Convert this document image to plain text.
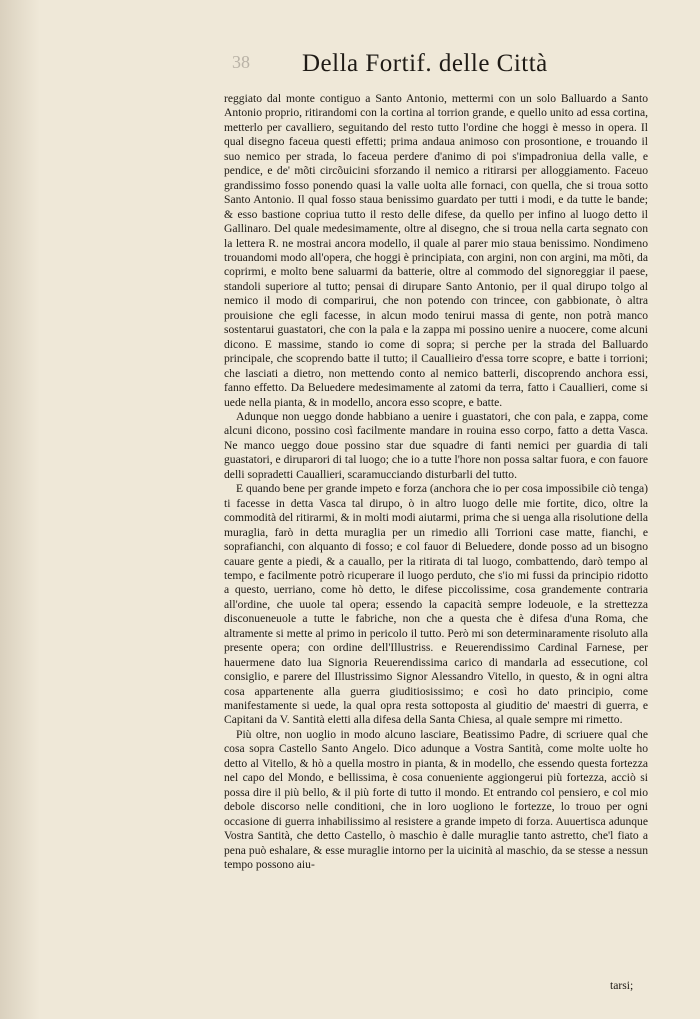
38 Della Fortif. delle Città

reggiato dal monte contiguo a Santo Antonio, mettermi con un solo Balluardo a Santo Antonio proprio, ritirandomi con la cortina al torrion grande, e quello unito ad essa cortina, metterlo per cavalliero, seguitando del resto tutto l'ordine che hoggi è messo in opera. Il qual disegno faceua questi effetti; prima andaua animoso con prosontione, e trouando il suo nemico per strada, lo faceua perdere d'animo di poi s'impadroniua della valle, e pendice, e de' mõti circõuicini sforzando il nemico a ritirarsi per alloggiamento. Faceuo grandissimo fosso ponendo quasi la valle uolta alle fornaci, con quella, che si troua sotto Santo Antonio. Il qual fosso staua benissimo guardato per tutti i modi, e da tutte le bande; & esso bastione copriua tutto il resto delle difese, da quello per infino al luogo detto il Gallinaro. Del quale medesimamente, oltre al disegno, che si troua nella carta segnato con la lettera R. ne mostrai ancora modello, il quale al parer mio staua benissimo. Nondimeno trouandomi modo all'opera, che hoggi è principiata, con argini, non con argini, ma mõti, da coprirmi, e molto bene saluarmi da batterie, oltre al commodo del signoreggiar il paese, standoli superiore al tutto; pensai di dirupare Santo Antonio, per il qual dirupo tolgo al nemico il modo di comparirui, che non potendo con trincee, con gabbionate, ò altra prouisione che egli facesse, in alcun modo tenirui massa di gente, non potrà manco sostentarui guastatori, che con la pala e la zappa mi possino uenire a nuocere, come alcuni dicono. E massime, stando io come di sopra; si perche per la strada del Balluardo principale, che scoprendo batte il tutto; il Cauallieiro d'essa torre scopre, e batte i torrioni; che lasciati a dietro, non mettendo conto al nemico batterli, discoprendo anchora essi, fanno effetto. Da Beluedere medesimamente al zatomi da terra, fatto i Cauallieri, come si uede nella pianta, & in modello, ancora esso scopre, e batte.

Adunque non ueggo donde habbiano a uenire i guastatori, che con pala, e zappa, come alcuni dicono, possino così facilmente mandare in rouina esso corpo, fatto a detta Vasca. Ne manco ueggo doue possino star due squadre di fanti nemici per guardia di tali guastatori, e diruparori di tal luogo; che io a tutte l'hore non possa saltar fuora, e con fauore delli sopradetti Cauallieri, scaramucciando disturbarli del tutto.

E quando bene per grande impeto e forza (anchora che io per cosa impossibile ciò tenga) ti facesse in detta Vasca tal dirupo, ò in altro luogo delle mie fortite, dico, oltre la commodità del ritirarmi, & in molti modi aiutarmi, prima che si uenga alla risolutione della muraglia, farò in detta muraglia per un rimedio alli Torrioni case matte, fianchi, e soprafianchi, con alquanto di fosso; e col fauor di Beluedere, donde posso ad un bisogno cauare gente a piedi, & a cauallo, per la ritirata di tal luogo, combattendo, darò tempo al tempo, e facilmente potrò ricuperare il luogo perduto, che s'io mi fussi da principio ridotto a questo, uerriano, come hò detto, le difese piccolissime, cosa grandemente contraria all'ordine, che uuole tal opera; essendo la capacità sempre lodeuole, e la strettezza disconueneuole a tutte le fabriche, non che a questa che è difesa d'una Roma, che altramente si mette al primo in pericolo il tutto. Però mi son determinaramente risoluto alla presente opera; con ordine dell'Illustriss. e Reuerendissimo Cardinal Farnese, per hauermene dato lua Signoria Reuerendissima carico di mandarla ad essecutione, col consiglio, e parere del Illustrissimo Signor Alessandro Vitello, in questo, & in ogni altra cosa appartenente alla guerra giuditiosissimo; e così ho dato principio, come manifestamente si uede, la qual opra resta sottoposta al giuditio de' maestri di guerra, e Capitani da V. Santità eletti alla difesa della Santa Chiesa, al quale sempre mi rimetto.

Più oltre, non uoglio in modo alcuno lasciare, Beatissimo Padre, di scriuere qual che cosa sopra Castello Santo Angelo. Dico adunque a Vostra Santità, come molte uolte ho detto al Vitello, & hò a quella mostro in pianta, & in modello, che essendo questa fortezza nel capo del Mondo, e bellissima, è cosa conueniente aggiongerui più fortezza, acciò si possa dire il più bello, & il più forte di tutto il mondo. Et entrando col pensiero, e col mio debole discorso nelle conditioni, che in loro uogliono le fortezze, lo trouo per ogni occasione di guerra inhabilissimo al resistere a grande impeto di forza. Auuertisca adunque Vostra Santità, che detto Castello, ò maschio è dalle muraglie tanto astretto, che'l fiato a pena può eshalare, & esse muraglie intorno per la uicinità al maschio, da se stesse a nessun tempo possono aiu-

tarsi;
